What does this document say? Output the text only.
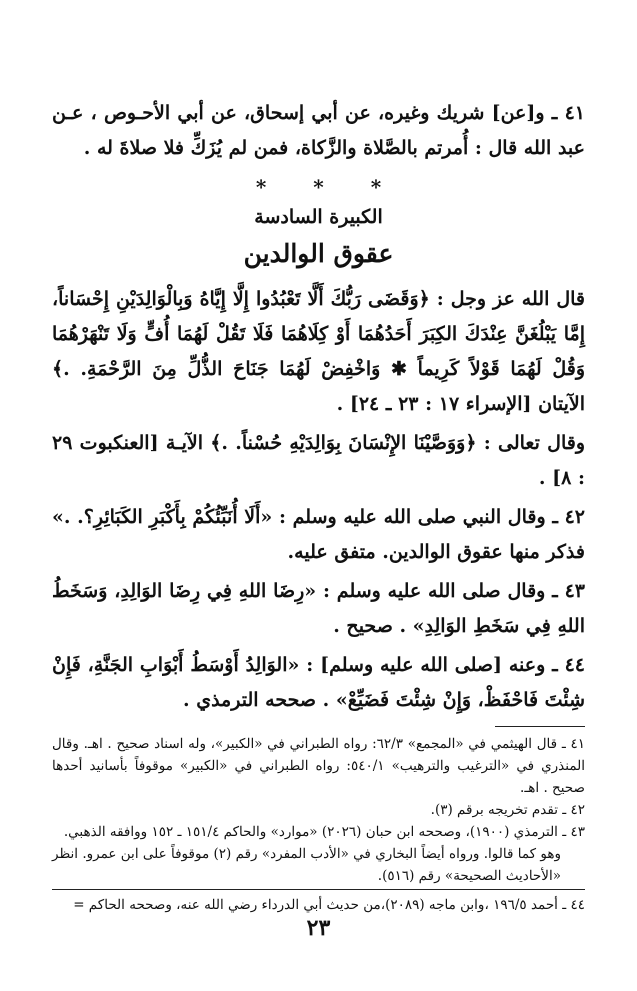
٤١ ـ و[عن] شريك وغيره، عن أبي إسحاق، عن أبي الأحـوص ، عـن عبد الله قال : أُمرتم بالصَّلاة والزَّكاة، فمن لم يُزَكِّ فلا صلاةَ له .

* * *

الكبيرة السادسة

عقوق الوالدين

قال الله عز وجل : ﴿وَقَضَى رَبُّكَ أَلَّا تَعْبُدُوا إِلَّا إِيَّاهُ وَبِالْوَالِدَيْنِ إِحْسَاناً، إِمَّا يَبْلُغَنَّ عِنْدَكَ الكِبَرَ أَحَدُهُمَا أَوْ كِلَاهُمَا فَلَا تَقُلْ لَهُمَا أُفٍّ وَلَا تَنْهَرْهُمَا وَقُلْ لَهُمَا قَوْلاً كَرِيماً ✱ وَاخْفِضْ لَهُمَا جَنَاحَ الذُّلِّ مِنَ الرَّحْمَةِ. .﴾ الآيتان [الإسراء ١٧ : ٢٣ ـ ٢٤] .

وقال تعالى : ﴿وَوَصَّيْنَا الإِنْسَانَ بِوَالِدَيْهِ حُسْناً. .﴾ الآيـة [العنكبوت ٢٩ : ٨] .

٤٢ ـ وقال النبي صلى الله عليه وسلم : «أَلَا أُنَبِّئُكُمْ بِأَكْبَرِ الكَبَائِرِ؟. .» فذكر منها عقوق الوالدين. متفق عليه.

٤٣ ـ وقال صلى الله عليه وسلم : «رِضَا اللهِ فِي رِضَا الوَالِدِ، وَسَخَطُ اللهِ فِي سَخَطِ الوَالِدِ» . صحيح .

٤٤ ـ وعنه [صلى الله عليه وسلم] : «الوَالِدُ أَوْسَطُ أَبْوَابِ الجَنَّةِ، فَإِنْ شِئْتَ فَاحْفَظْ، وَإِنْ شِئْتَ فَضَيِّعْ» . صححه الترمذي .

٤١ ـ قال الهيثمي في «المجمع» ٦٢/٣: رواه الطبراني في «الكبير»، وله اسناد صحيح . اهـ. وقال المنذري في «الترغيب والترهيب» ٥٤٠/١: رواه الطبراني في «الكبير» موقوفاً بأسانيد أحدها صحيح . اهـ.

٤٢ ـ تقدم تخريجه برقم (٣).

٤٣ ـ الترمذي (١٩٠٠)، وصححه ابن حبان (٢٠٢٦) «موارد» والحاكم ١٥١/٤ ـ ١٥٢ ووافقه الذهبي.

وهو كما قالوا. ورواه أيضاً البخاري في «الأدب المفرد» رقم (٢) موقوفاً على ابن عمرو. انظر «الأحاديث الصحيحة» رقم (٥١٦).

٤٤ ـ أحمد ١٩٦/٥ ،وابن ماجه (٢٠٨٩)،من حديث أبي الدرداء رضي الله عنه، وصححه الحاكم =

٢٣
